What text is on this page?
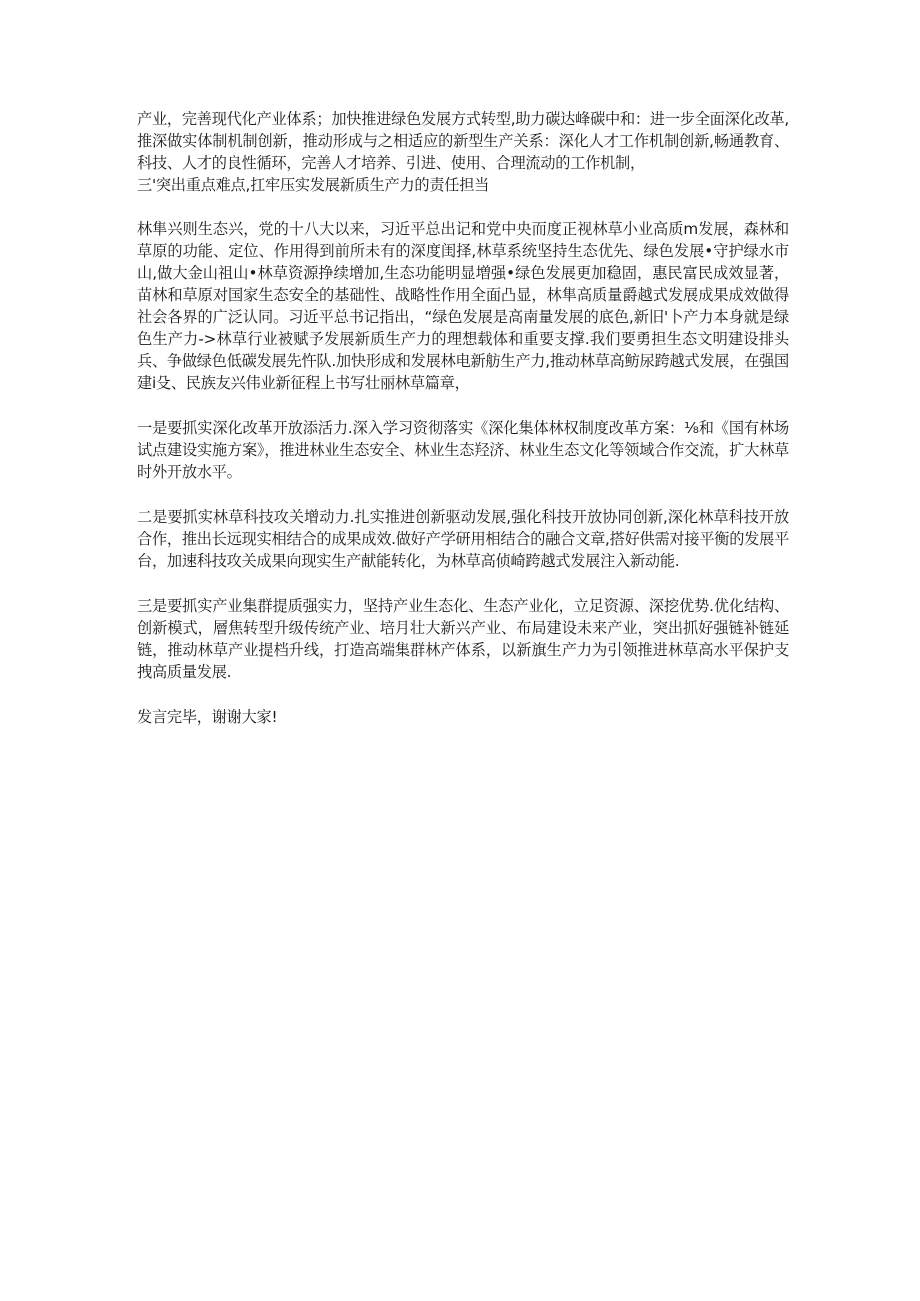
产业，完善现代化产业体系；加快推进绿色发展方式转型,助力碳达峰碳中和：进一步全面深化改革,推深做实体制机制创新，推动形成与之相适应的新型生产关系：深化人才工作机制创新,畅通教育、科技、人才的良性循环，完善人才培养、引进、使用、合理流动的工作机制，

三'突出重点难点,扛牢压实发展新质生产力的责任担当

林隼兴则生态兴，党的十八大以来，习近平总出记和党中央而度正视林草小业高质m发展，森林和草原的功能、定位、作用得到前所未有的深度闺择,林草系统坚持生态优先、绿色发展•守护绿水市山,做大金山祖山•林草资源挣续增加,生态功能明显増强•绿色发展更加稳固，惠民富民成效显著，苗林和草原对国家生态安全的基础性、战略性作用全面凸显，林隼高质量爵越式发展成果成效做得社会各界的广泛认同。习近平总书记指出，“绿色发展是高南量发展的底色,新旧'卜产力本身就是绿色生产力->林草行业被赋予发展新质生产力的理想载体和重要支撑.我们要勇担生态文明建设排头兵、争做绿色低碳发展先忤队.加快形成和发展林电新舫生产力,推动林草高鲂尿跨越式发展，在强国建i殳、民族友兴伟业新征程上书写壮丽林草篇章，

一是要抓实深化改革开放添活力.深入学习资彻落实《深化集体林权制度改革方案：⅛和《国有林场试点建设实施方案》，推进林业生态安全、林业生态羟济、林业生态文化等领域合作交流，扩大林草时外开放水平。

二是要抓实林草科技攻关增动力.扎实推进创新驱动发展,强化科技开放协同创新,深化林草科技开放合作，推出长远现实相结合的成果成效.做好产学研用相结合的融合文章,搭好供需对接平衡的发展平台，加速科技攻关成果向现实生产献能转化，为林草高侦崎跨越式发展注入新动能.

三是要抓实产业集群提质强实力，坚持产业生态化、生态产业化，立足资源、深挖优势.优化结构、创新模式，層焦转型升级传统产业、培月壮大新兴产业、布局建设未来产业，突出抓好强链补链延链，推动林草产业提档升线，打造高端集群林产体系，以新旗生产力为引领推进林草高水平保护支拽高质量发展.

发言完毕，谢谢大家!
